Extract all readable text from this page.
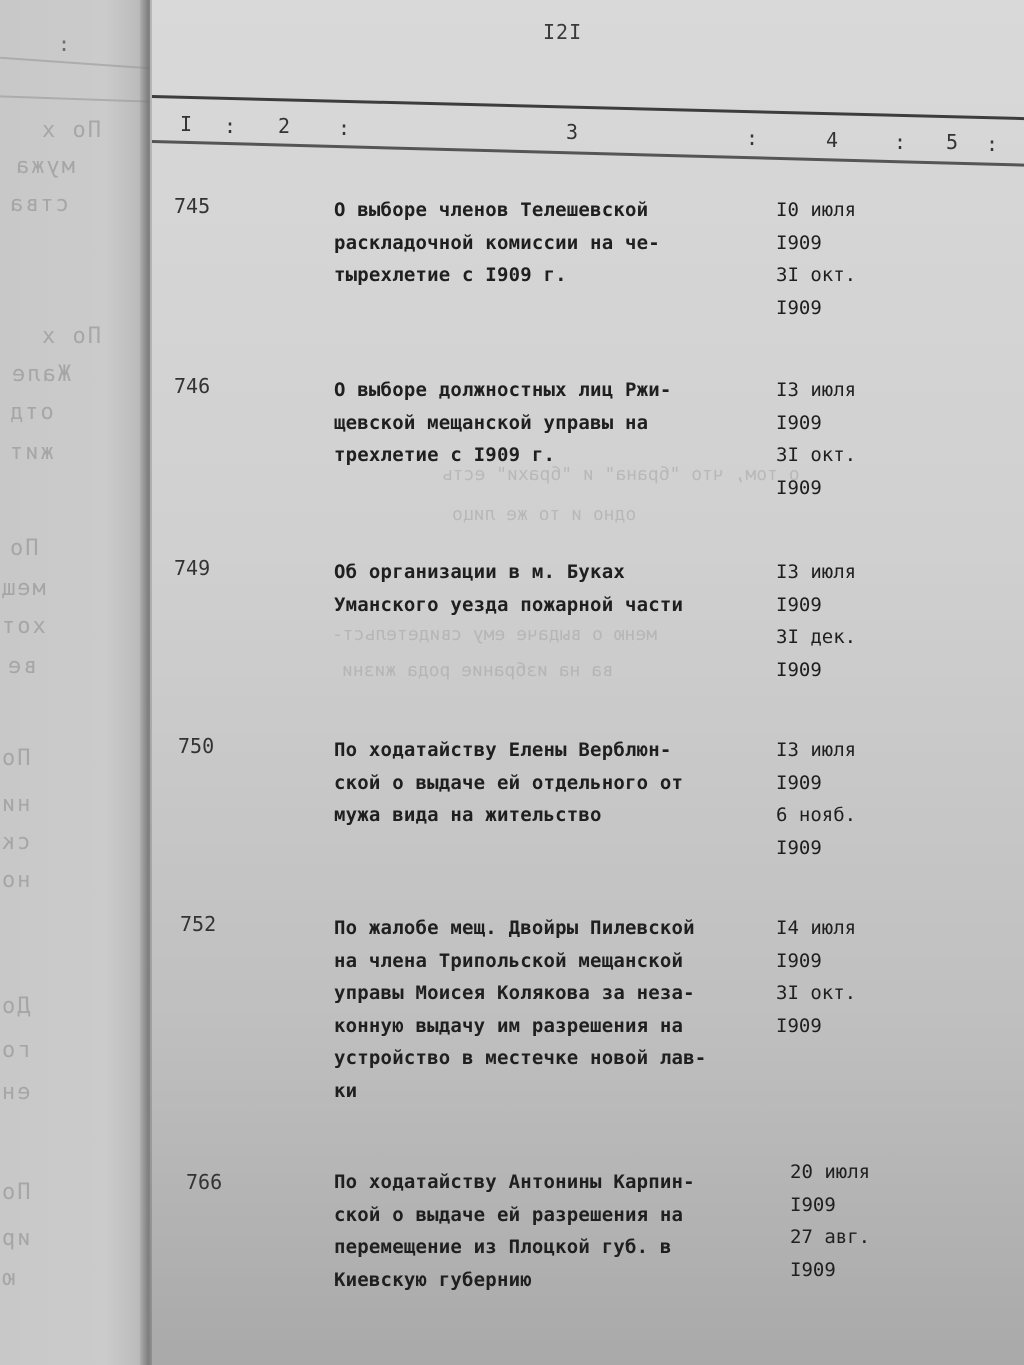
:
По х
мужа
ства
По х
Жале
отд
жит
По
мещ
хот
ве
По
ни
ск
но
До
го
ен
По
ир
ю
I2I
I : 2 :	3	:	4	: 5 :
о том, что "брана" и "брахи" есть
одно и то же лицо
меню о выдаче ему свидетельст-
ва на избрание рода жизни
745	О выборе членов Телешевской
раскладочной комиссии на че-
тырехлетие с I909 г.
I0 июля
I909
3I окт.
I909
746	О выборе должностных лиц Ржи-
щевской мещанской управы на
трехлетие с I909 г.
I3 июля
I909
3I окт.
I909
749	Об организации в м. Буках
Уманского уезда пожарной части
I3 июля
I909
3I дек.
I909
750	По ходатайству Елены Верблюн-
ской о выдаче ей отдельного от
мужа вида на жительство
I3 июля
I909
6 нояб.
I909
752	По жалобе мещ. Двойры Пилевской
на члена Трипольской мещанской
управы Моисея Колякова за неза-
конную выдачу им разрешения на
устройство в местечке новой лав-
ки
I4 июля
I909
3I окт.
I909
766	По ходатайству Антонины Карпин-
ской о выдаче ей разрешения на
перемещение из Плоцкой губ. в
Киевскую губернию
20 июля
I909
27 авг.
I909
